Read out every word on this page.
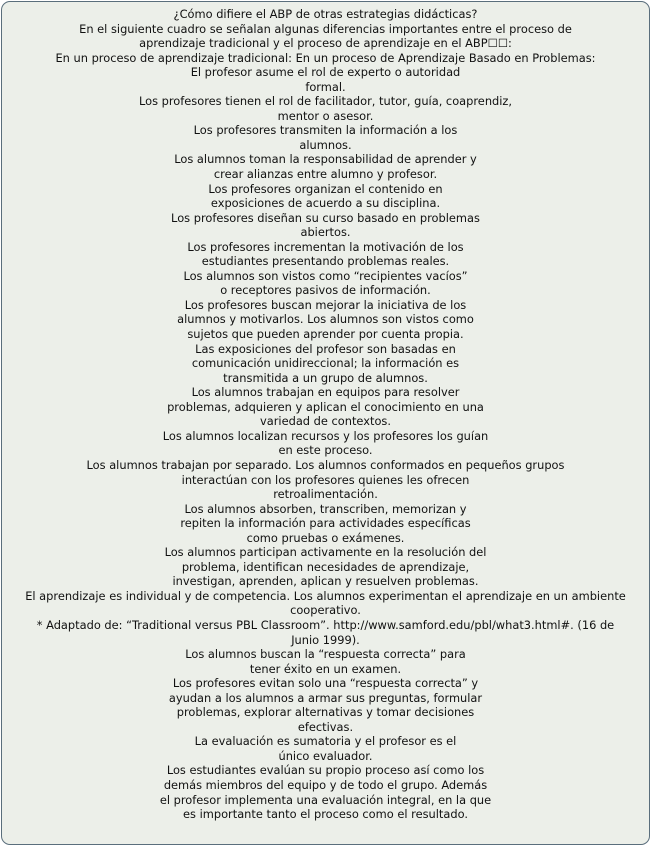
¿Cómo difiere el ABP de otras estrategias didácticas?

En el siguiente cuadro se señalan algunas diferencias importantes entre el proceso de

aprendizaje tradicional y el proceso de aprendizaje en el ABP☐☐:

En un proceso de aprendizaje tradicional: En un proceso de Aprendizaje Basado en Problemas:

El profesor asume el rol de experto o autoridad

formal.

Los profesores tienen el rol de facilitador, tutor, guía, coaprendiz,

mentor o asesor.

Los profesores transmiten la información a los

alumnos.

Los alumnos toman la responsabilidad de aprender y

crear alianzas entre alumno y profesor.

Los profesores organizan el contenido en

exposiciones de acuerdo a su disciplina.

Los profesores diseñan su curso basado en problemas

abiertos.

Los profesores incrementan la motivación de los

estudiantes presentando problemas reales.

Los alumnos son vistos como “recipientes vacíos”

o receptores pasivos de información.

Los profesores buscan mejorar la iniciativa de los

alumnos y motivarlos. Los alumnos son vistos como

sujetos que pueden aprender por cuenta propia.

Las exposiciones del profesor son basadas en

comunicación unidireccional; la información es

transmitida a un grupo de alumnos.

Los alumnos trabajan en equipos para resolver

problemas, adquieren y aplican el conocimiento en una

variedad de contextos.

Los alumnos localizan recursos y los profesores los guían

en este proceso.

Los alumnos trabajan por separado. Los alumnos conformados en pequeños grupos

interactúan con los profesores quienes les ofrecen

retroalimentación.

Los alumnos absorben, transcriben, memorizan y

repiten la información para actividades específicas

como pruebas o exámenes.

Los alumnos participan activamente en la resolución del

problema, identifican necesidades de aprendizaje,

investigan, aprenden, aplican y resuelven problemas.

El aprendizaje es individual y de competencia. Los alumnos experimentan el aprendizaje en un ambiente

cooperativo.

* Adaptado de: “Traditional versus PBL Classroom”. http://www.samford.edu/pbl/what3.html#. (16 de

Junio 1999).

Los alumnos buscan la “respuesta correcta” para

tener éxito en un examen.

Los profesores evitan solo una “respuesta correcta” y

ayudan a los alumnos a armar sus preguntas, formular

problemas, explorar alternativas y tomar decisiones

efectivas.

La evaluación es sumatoria y el profesor es el

único evaluador.

Los estudiantes evalúan su propio proceso así como los

demás miembros del equipo y de todo el grupo. Además

el profesor implementa una evaluación integral, en la que

es importante tanto el proceso como el resultado.
